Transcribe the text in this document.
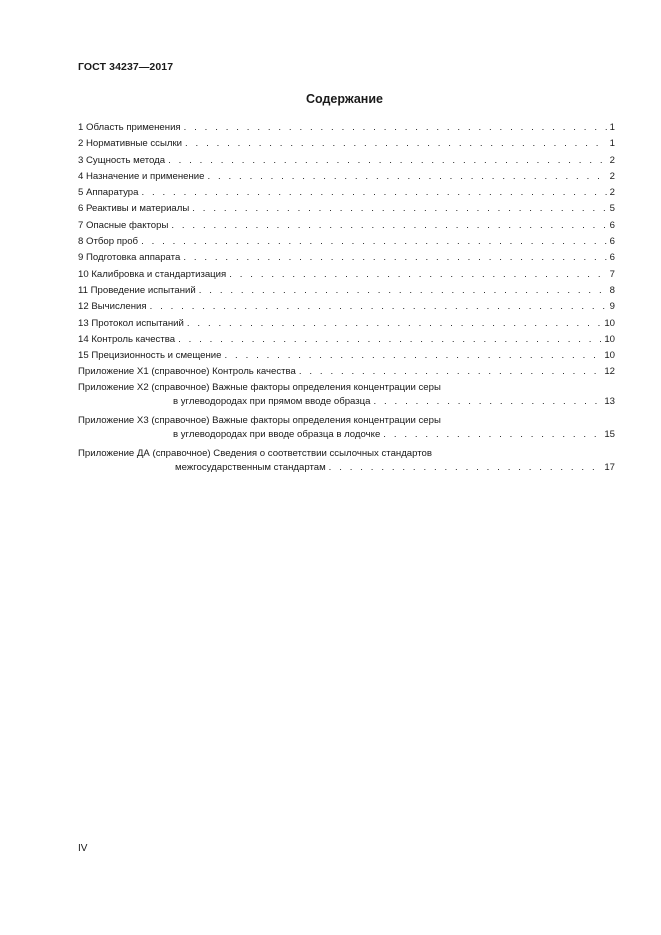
ГОСТ 34237—2017
Содержание
1 Область применения . . .	1
2 Нормативные ссылки . . .	1
3 Сущность метода . . .	2
4 Назначение и применение . . .	2
5 Аппаратура . . .	2
6 Реактивы и материалы . . .	5
7 Опасные факторы . . .	6
8 Отбор проб . . .	6
9 Подготовка аппарата . . .	6
10 Калибровка и стандартизация . . .	7
11 Проведение испытаний . . .	8
12 Вычисления . . .	9
13 Протокол испытаний . . .	10
14 Контроль качества . . .	10
15 Прецизионность и смещение . . .	10
Приложение X1 (справочное) Контроль качества . . .	12
Приложение X2 (справочное) Важные факторы определения концентрации серы
в углеводородах при прямом вводе образца . . .	13
Приложение X3 (справочное) Важные факторы определения концентрации серы
в углеводородах при вводе образца в лодочке . . .	15
Приложение ДА (справочное) Сведения о соответствии ссылочных стандартов
межгосударственным стандартам . . .	17
IV
